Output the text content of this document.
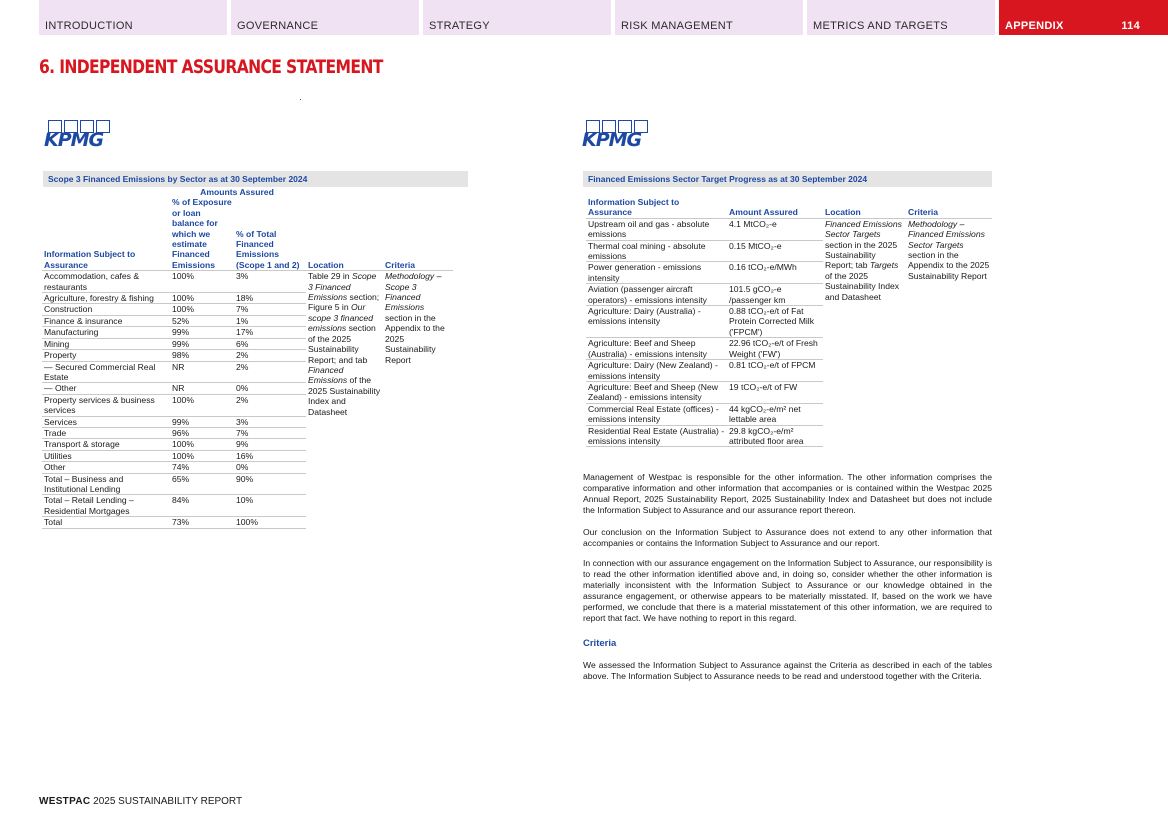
INTRODUCTION	GOVERNANCE	STRATEGY	RISK MANAGEMENT	METRICS AND TARGETS	APPENDIX	114
6. INDEPENDENT ASSURANCE STATEMENT
KPMG	KPMG
Scope 3 Financed Emissions by Sector as at 30 September 2024
	Amounts Assured			
Information Subject to Assurance	% of Exposure or loan balance for which we estimate Financed Emissions	% of Total Financed Emissions (Scope 1 and 2)	Location	Criteria
Accommodation, cafes & restaurants	100%	3%	Table 29 in Scope 3 Financed Emissions section; Figure 5 in Our scope 3 financed emissions section of the 2025 Sustainability Report; and tab Financed Emissions of the 2025 Sustainability Index and Datasheet	Methodology – Scope 3 Financed Emissions section in the Appendix to the 2025 Sustainability Report
Agriculture, forestry & fishing	100%	18%		
Construction	100%	7%		
Finance & insurance	52%	1%		
Manufacturing	99%	17%		
Mining	99%	6%		
Property	98%	2%		
— Secured Commercial Real Estate	NR	2%		
— Other	NR	0%		
Property services & business services	100%	2%		
Services	99%	3%		
Trade	96%	7%		
Transport & storage	100%	9%		
Utilities	100%	16%		
Other	74%	0%		
Total – Business and Institutional Lending	65%	90%		
Total – Retail Lending – Residential Mortgages	84%	10%		
Total	73%	100%		
Financed Emissions Sector Target Progress as at 30 September 2024
Information Subject to Assurance	Amount Assured	Location	Criteria
Upstream oil and gas - absolute emissions	4.1 MtCO₂-e	Financed Emissions Sector Targets section in the 2025 Sustainability Report; tab Targets of the 2025 Sustainability Index and Datasheet	Methodology – Financed Emissions Sector Targets section in the Appendix to the 2025 Sustainability Report
Thermal coal mining - absolute emissions	0.15 MtCO₂-e		
Power generation - emissions intensity	0.16 tCO₂-e/MWh		
Aviation (passenger aircraft operators) - emissions intensity	101.5 gCO₂-e /passenger km		
Agriculture: Dairy (Australia) - emissions intensity	0.88 tCO₂-e/t of Fat Protein Corrected Milk ('FPCM')		
Agriculture: Beef and Sheep (Australia) - emissions intensity	22.96 tCO₂-e/t of Fresh Weight ('FW')		
Agriculture: Dairy (New Zealand) - emissions intensity	0.81 tCO₂-e/t of FPCM		
Agriculture: Beef and Sheep (New Zealand) - emissions intensity	19 tCO₂-e/t of FW		
Commercial Real Estate (offices) - emissions intensity	44 kgCO₂-e/m² net lettable area		
Residential Real Estate (Australia) - emissions intensity	29.8 kgCO₂-e/m² attributed floor area		

Management of Westpac is responsible for the other information. The other information comprises the comparative information and other information that accompanies or is contained within the Westpac 2025 Annual Report, 2025 Sustainability Report, 2025 Sustainability Index and Datasheet but does not include the Information Subject to Assurance and our assurance report thereon.

Our conclusion on the Information Subject to Assurance does not extend to any other information that accompanies or contains the Information Subject to Assurance and our report.

In connection with our assurance engagement on the Information Subject to Assurance, our responsibility is to read the other information identified above and, in doing so, consider whether the other information is materially inconsistent with the Information Subject to Assurance or our knowledge obtained in the assurance engagement, or otherwise appears to be materially misstated. If, based on the work we have performed, we conclude that there is a material misstatement of this other information, we are required to report that fact. We have nothing to report in this regard.

Criteria

We assessed the Information Subject to Assurance against the Criteria as described in each of the tables above. The Information Subject to Assurance needs to be read and understood together with the Criteria.

WESTPAC 2025 SUSTAINABILITY REPORT
